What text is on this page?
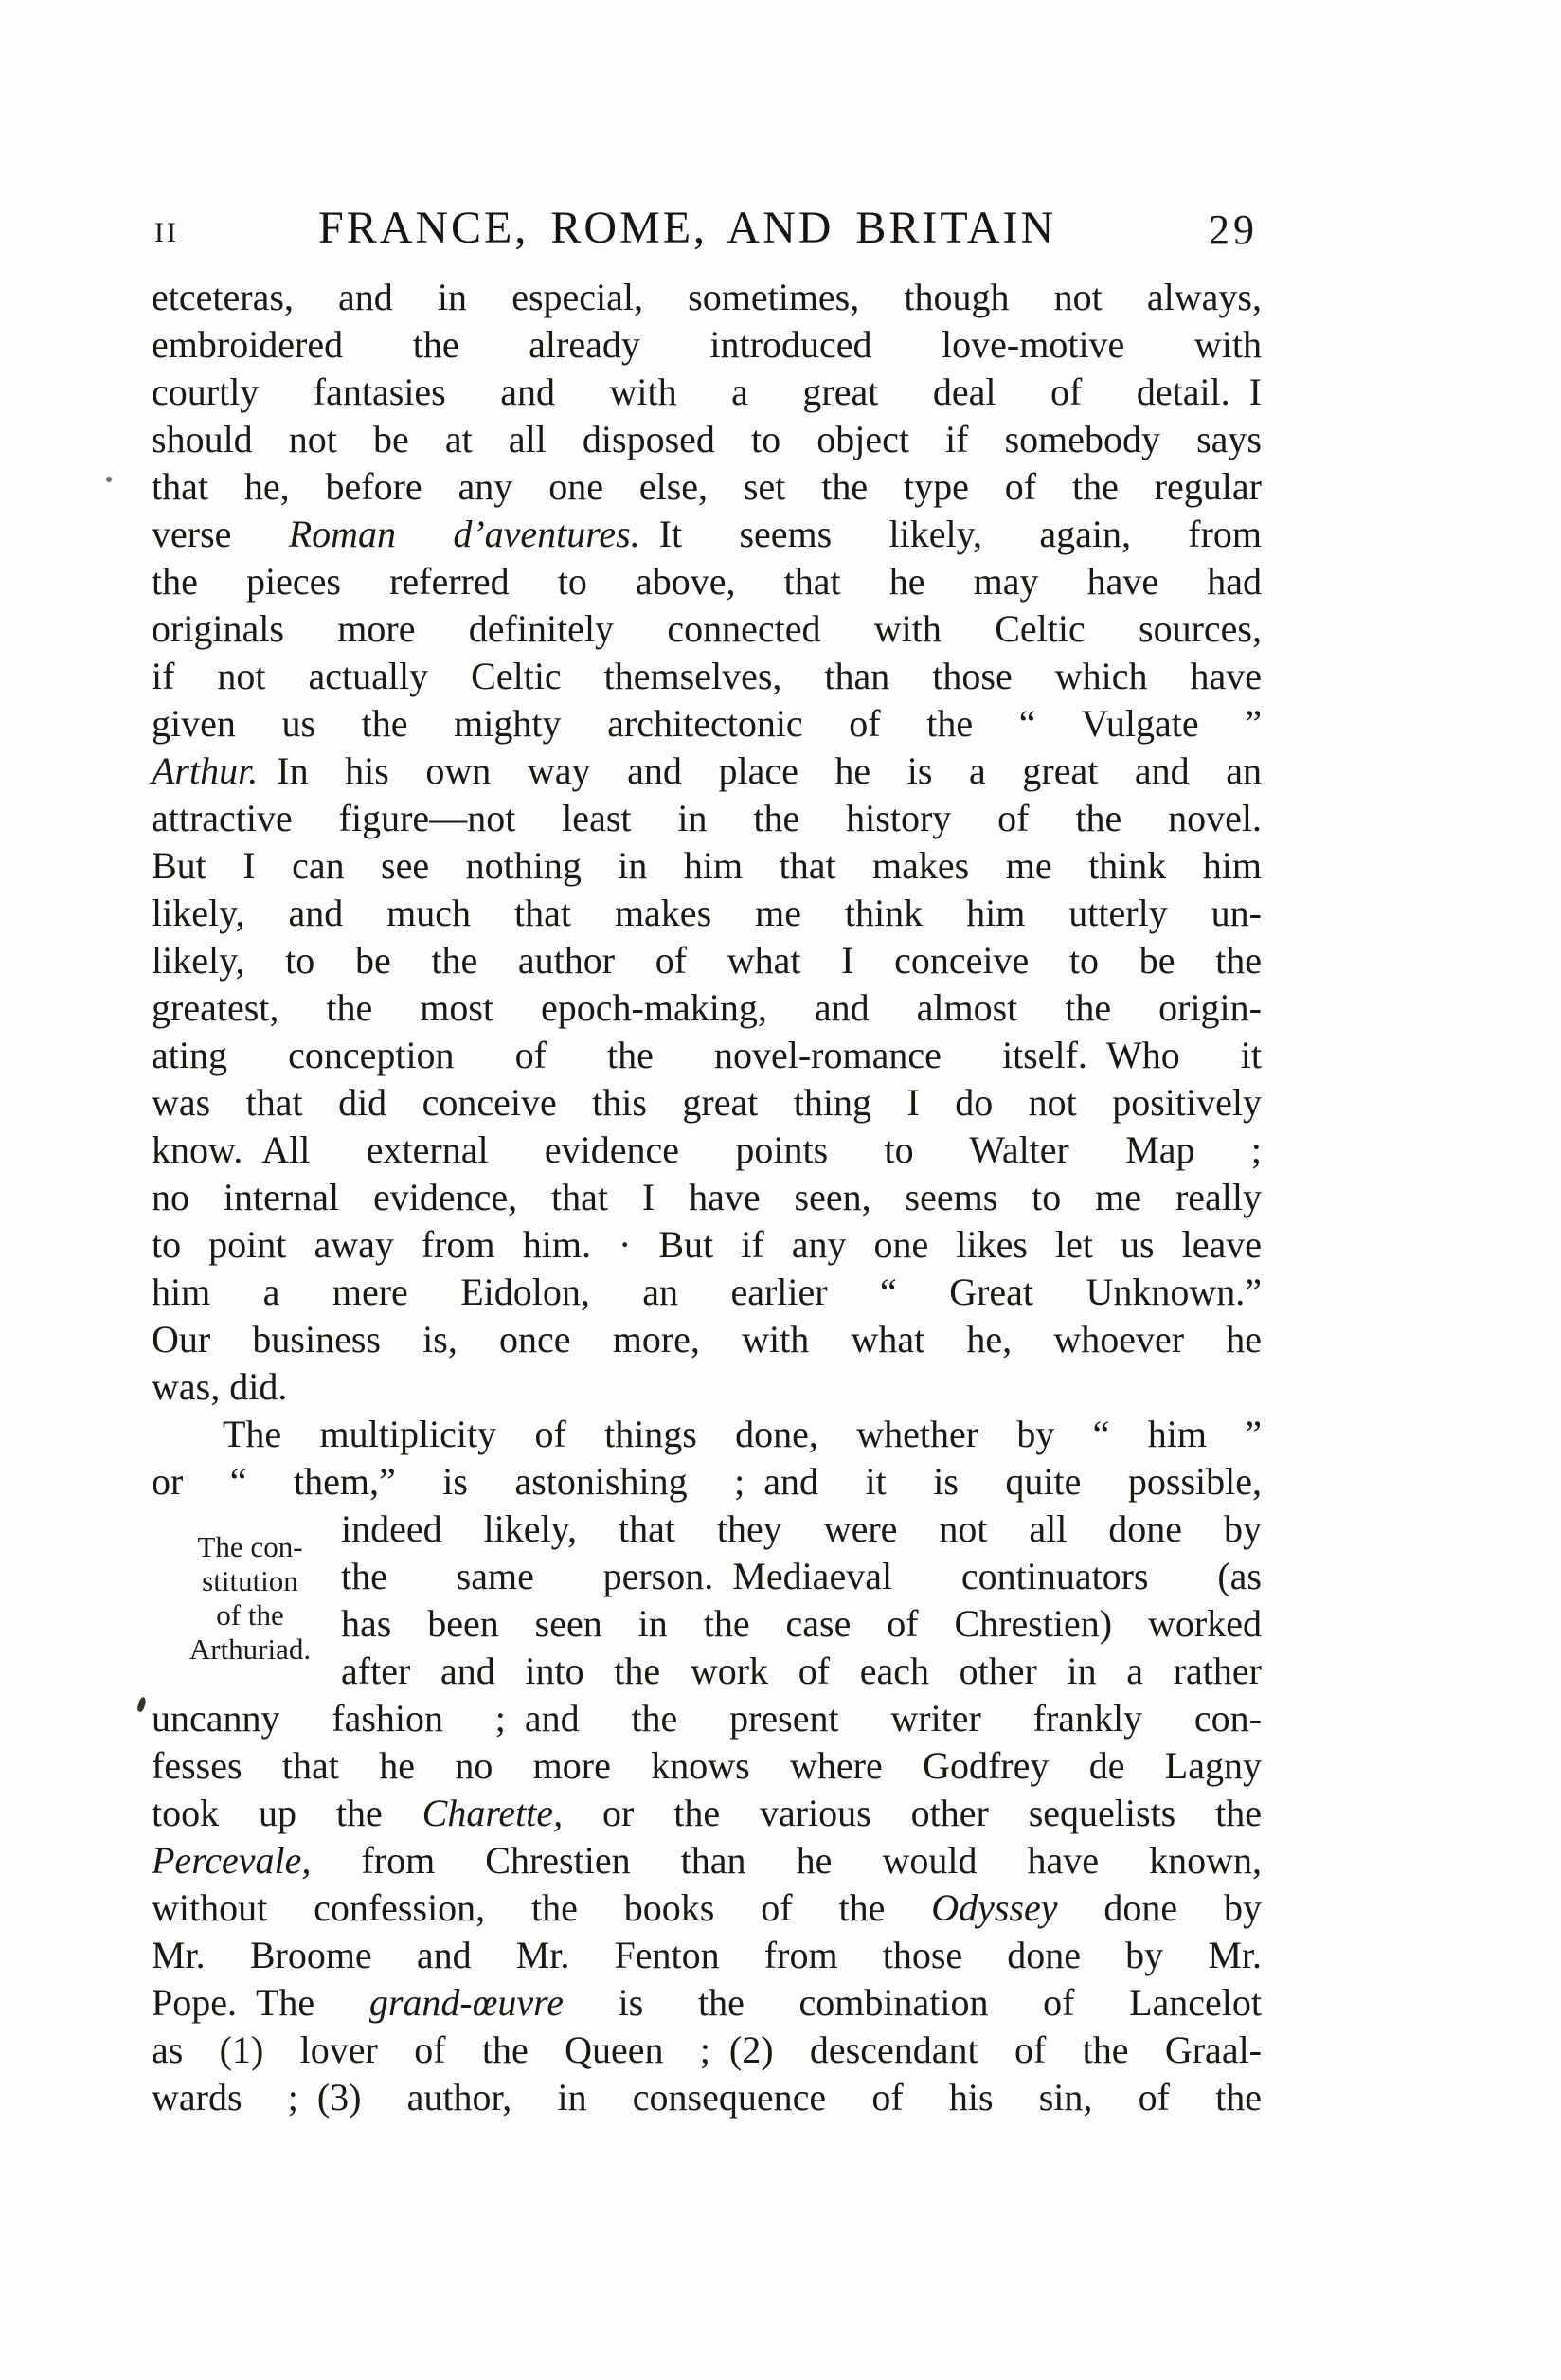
II	FRANCE, ROME, AND BRITAIN	29
etceteras, and in especial, sometimes, though not always,
embroidered the already introduced love-motive with
courtly fantasies and with a great deal of detail. I
should not be at all disposed to object if somebody says
that he, before any one else, set the type of the regular
verse Roman d’aventures. It seems likely, again, from
the pieces referred to above, that he may have had
originals more definitely connected with Celtic sources,
if not actually Celtic themselves, than those which have
given us the mighty architectonic of the “ Vulgate ”
Arthur. In his own way and place he is a great and an
attractive figure—not least in the history of the novel.
But I can see nothing in him that makes me think him
likely, and much that makes me think him utterly un-
likely, to be the author of what I conceive to be the
greatest, the most epoch-making, and almost the origin-
ating conception of the novel-romance itself. Who it
was that did conceive this great thing I do not positively
know. All external evidence points to Walter Map ;
no internal evidence, that I have seen, seems to me really
to point away from him. · But if any one likes let us leave
him a mere Eidolon, an earlier “ Great Unknown.”
Our business is, once more, with what he, whoever he
was, did.
The multiplicity of things done, whether by “ him ”
or “ them,” is astonishing ; and it is quite possible,
indeed likely, that they were not all done by
the same person. Mediaeval continuators (as
has been seen in the case of Chrestien) worked
after and into the work of each other in a rather
uncanny fashion ; and the present writer frankly con-
fesses that he no more knows where Godfrey de Lagny
took up the Charette, or the various other sequelists the
Percevale, from Chrestien than he would have known,
without confession, the books of the Odyssey done by
Mr. Broome and Mr. Fenton from those done by Mr.
Pope. The grand-œuvre is the combination of Lancelot
as (1) lover of the Queen ; (2) descendant of the Graal-
wards ; (3) author, in consequence of his sin, of the
The con-
stitution
of the
Arthuriad.
